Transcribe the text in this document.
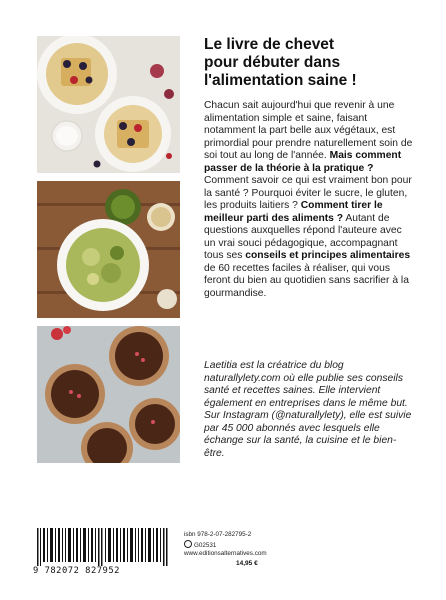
Le livre de chevet
pour débuter dans
l'alimentation saine !

Chacun sait aujourd'hui que revenir à une alimentation simple et saine, faisant notamment la part belle aux végétaux, est primordial pour prendre naturellement soin de soi tout au long de l'année. Mais comment passer de la théorie à la pratique ? Comment savoir ce qui est vraiment bon pour la santé ? Pourquoi éviter le sucre, le gluten, les produits laitiers ? Comment tirer le meilleur parti des aliments ? Autant de questions auxquelles répond l'auteure avec un vrai souci pédagogique, accompagnant tous ses conseils et principes alimentaires de 60 recettes faciles à réaliser, qui vous feront du bien au quotidien sans sacrifier à la gourmandise.

Laetitia est la créatrice du blog naturallylety.com où elle publie ses conseils santé et recettes saines. Elle intervient également en entreprises dans le même but. Sur Instagram (@naturallylety), elle est suivie par 45 000 abonnés avec lesquels elle échange sur la santé, la cuisine et le bien-être.

9 782072 827952
isbn 978-2-07-282795-2
G02531
www.editionsalternatives.com
14,95 €
